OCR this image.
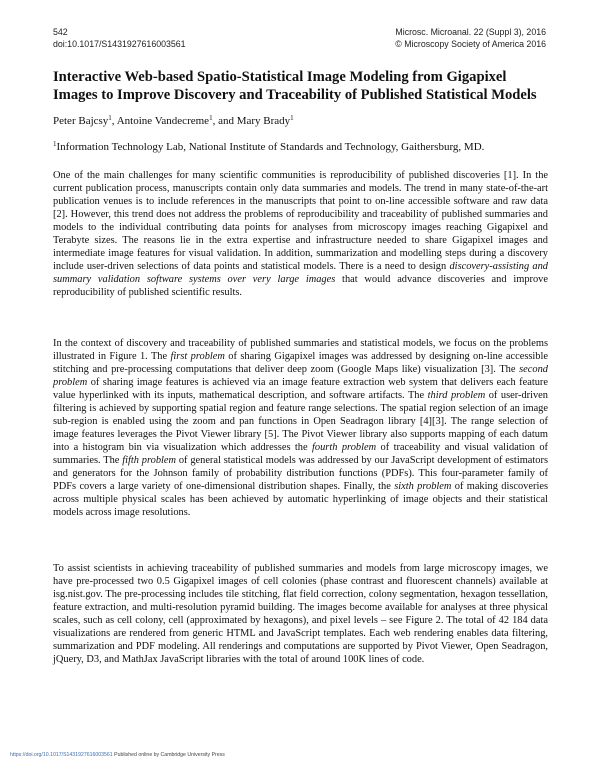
542
doi:10.1017/S1431927616003561
Microsc. Microanal. 22 (Suppl 3), 2016
© Microscopy Society of America 2016
Interactive Web-based Spatio-Statistical Image Modeling from Gigapixel Images to Improve Discovery and Traceability of Published Statistical Models
Peter Bajcsy$^1$, Antoine Vandecreme$^1$, and Mary Brady$^1$
$^1$Information Technology Lab, National Institute of Standards and Technology, Gaithersburg, MD.

One of the main challenges for many scientific communities is reproducibility of published discoveries [1]. In the current publication process, manuscripts contain only data summaries and models. The trend in many state-of-the-art publication venues is to include references in the manuscripts that point to on-line accessible software and raw data [2]. However, this trend does not address the problems of reproducibility and traceability of published summaries and models to the individual contributing data points for analyses from microscopy images reaching Gigapixel and Terabyte sizes. The reasons lie in the extra expertise and infrastructure needed to share Gigapixel images and intermediate image features for visual validation. In addition, summarization and modelling steps during a discovery include user-driven selections of data points and statistical models. There is a need to design discovery-assisting and summary validation software systems over very large images that would advance discoveries and improve reproducibility of published scientific results.

In the context of discovery and traceability of published summaries and statistical models, we focus on the problems illustrated in Figure 1. The first problem of sharing Gigapixel images was addressed by designing on-line accessible stitching and pre-processing computations that deliver deep zoom (Google Maps like) visualization [3]. The second problem of sharing image features is achieved via an image feature extraction web system that delivers each feature value hyperlinked with its inputs, mathematical description, and software artifacts. The third problem of user-driven filtering is achieved by supporting spatial region and feature range selections. The spatial region selection of an image sub-region is enabled using the zoom and pan functions in Open Seadragon library [4][3]. The range selection of image features leverages the Pivot Viewer library [5]. The Pivot Viewer library also supports mapping of each datum into a histogram bin via visualization which addresses the fourth problem of traceability and visual validation of summaries. The fifth problem of general statistical models was addressed by our JavaScript development of estimators and generators for the Johnson family of probability distribution functions (PDFs). This four-parameter family of PDFs covers a large variety of one-dimensional distribution shapes. Finally, the sixth problem of making discoveries across multiple physical scales has been achieved by automatic hyperlinking of image objects and their statistical models across image resolutions.

To assist scientists in achieving traceability of published summaries and models from large microscopy images, we have pre-processed two 0.5 Gigapixel images of cell colonies (phase contrast and fluorescent channels) available at isg.nist.gov. The pre-processing includes tile stitching, flat field correction, colony segmentation, hexagon tessellation, feature extraction, and multi-resolution pyramid building. The images become available for analyses at three physical scales, such as cell colony, cell (approximated by hexagons), and pixel levels – see Figure 2. The total of 42 184 data visualizations are rendered from generic HTML and JavaScript templates. Each web rendering enables data filtering, summarization and PDF modeling. All renderings and computations are supported by Pivot Viewer, Open Seadragon, jQuery, D3, and MathJax JavaScript libraries with the total of around 100K lines of code.

https://doi.org/10.1017/S1431927616003561 Published online by Cambridge University Press
